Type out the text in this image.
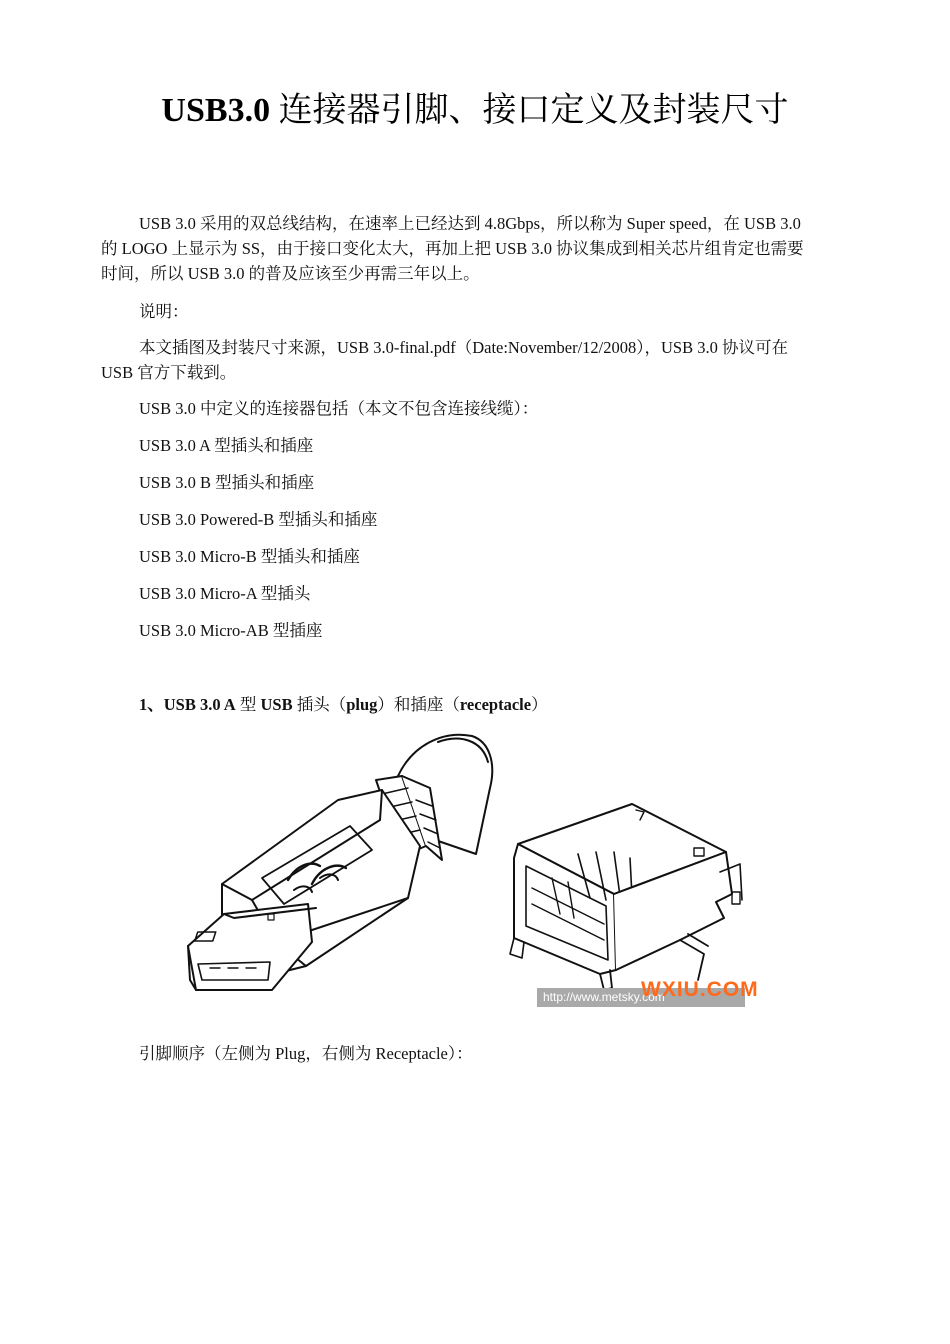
USB3.0 连接器引脚、接口定义及封装尺寸

USB 3.0 采用的双总线结构，在速率上已经达到 4.8Gbps，所以称为 Super speed，在 USB 3.0 的 LOGO 上显示为 SS，由于接口变化太大，再加上把 USB 3.0 协议集成到相关芯片组肯定也需要时间，所以 USB 3.0 的普及应该至少再需三年以上。

说明：

本文插图及封装尺寸来源，USB 3.0-final.pdf（Date:November/12/2008），USB 3.0 协议可在 USB 官方下载到。

USB 3.0 中定义的连接器包括（本文不包含连接线缆）：

USB 3.0 A 型插头和插座

USB 3.0 B 型插头和插座

USB 3.0 Powered-B 型插头和插座

USB 3.0 Micro-B 型插头和插座

USB 3.0 Micro-A 型插头

USB 3.0 Micro-AB 型插座

1、USB 3.0 A 型 USB 插头（plug）和插座（receptacle）

http://www.metsky.com
WXIU.COM

引脚顺序（左侧为 Plug，右侧为 Receptacle）：
